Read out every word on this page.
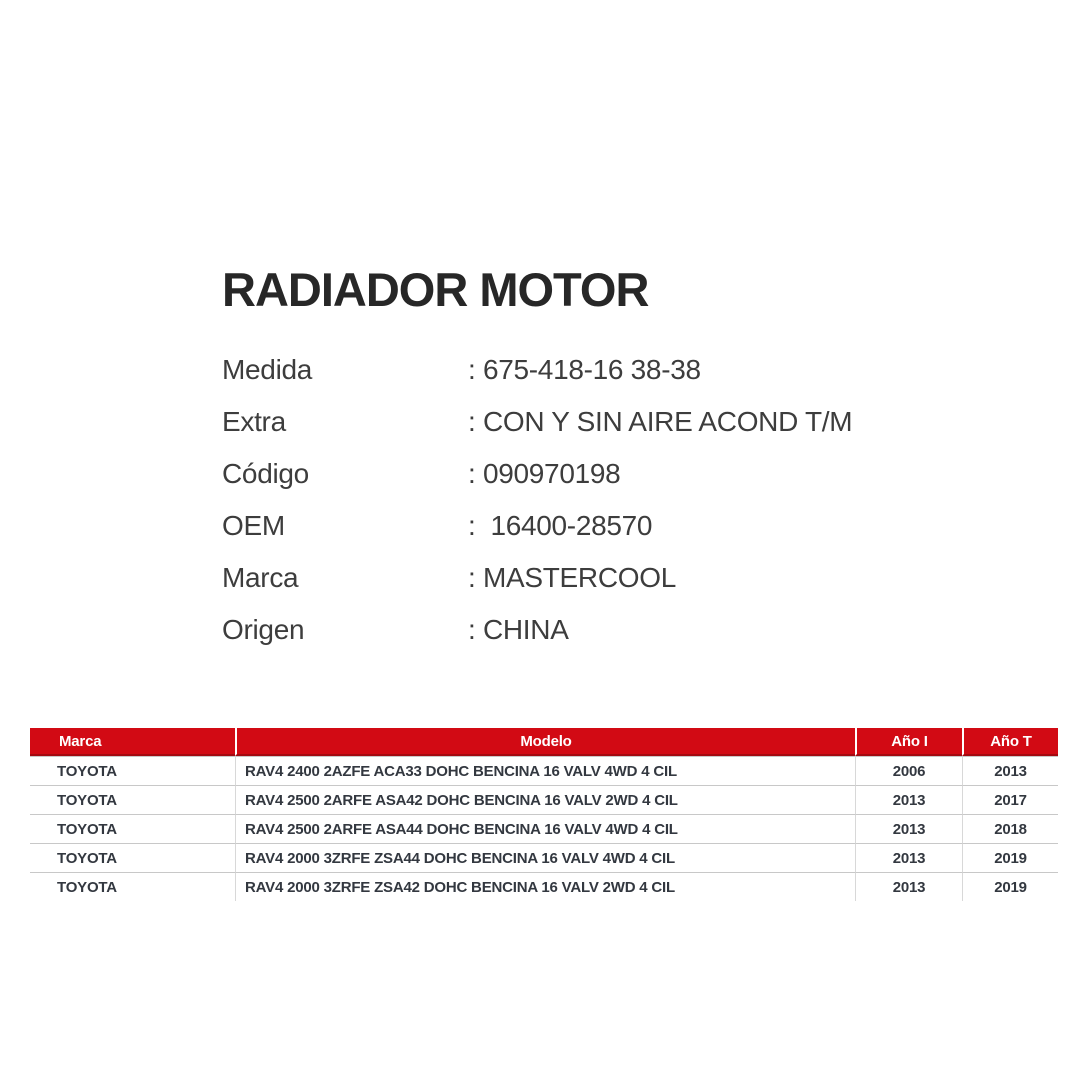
RADIADOR MOTOR
Medida	: 675-418-16 38-38
Extra	: CON Y SIN AIRE ACOND T/M
Código	: 090970198
OEM	:  16400-28570
Marca	: MASTERCOOL
Origen	: CHINA
Marca	Modelo	Año I	Año T
TOYOTA	RAV4 2400 2AZFE ACA33 DOHC BENCINA 16 VALV 4WD 4 CIL	2006	2013
TOYOTA	RAV4 2500 2ARFE ASA42 DOHC BENCINA 16 VALV 2WD 4 CIL	2013	2017
TOYOTA	RAV4 2500 2ARFE ASA44 DOHC BENCINA 16 VALV 4WD 4 CIL	2013	2018
TOYOTA	RAV4 2000 3ZRFE ZSA44 DOHC BENCINA 16 VALV 4WD 4 CIL	2013	2019
TOYOTA	RAV4 2000 3ZRFE ZSA42 DOHC BENCINA 16 VALV 2WD 4 CIL	2013	2019
